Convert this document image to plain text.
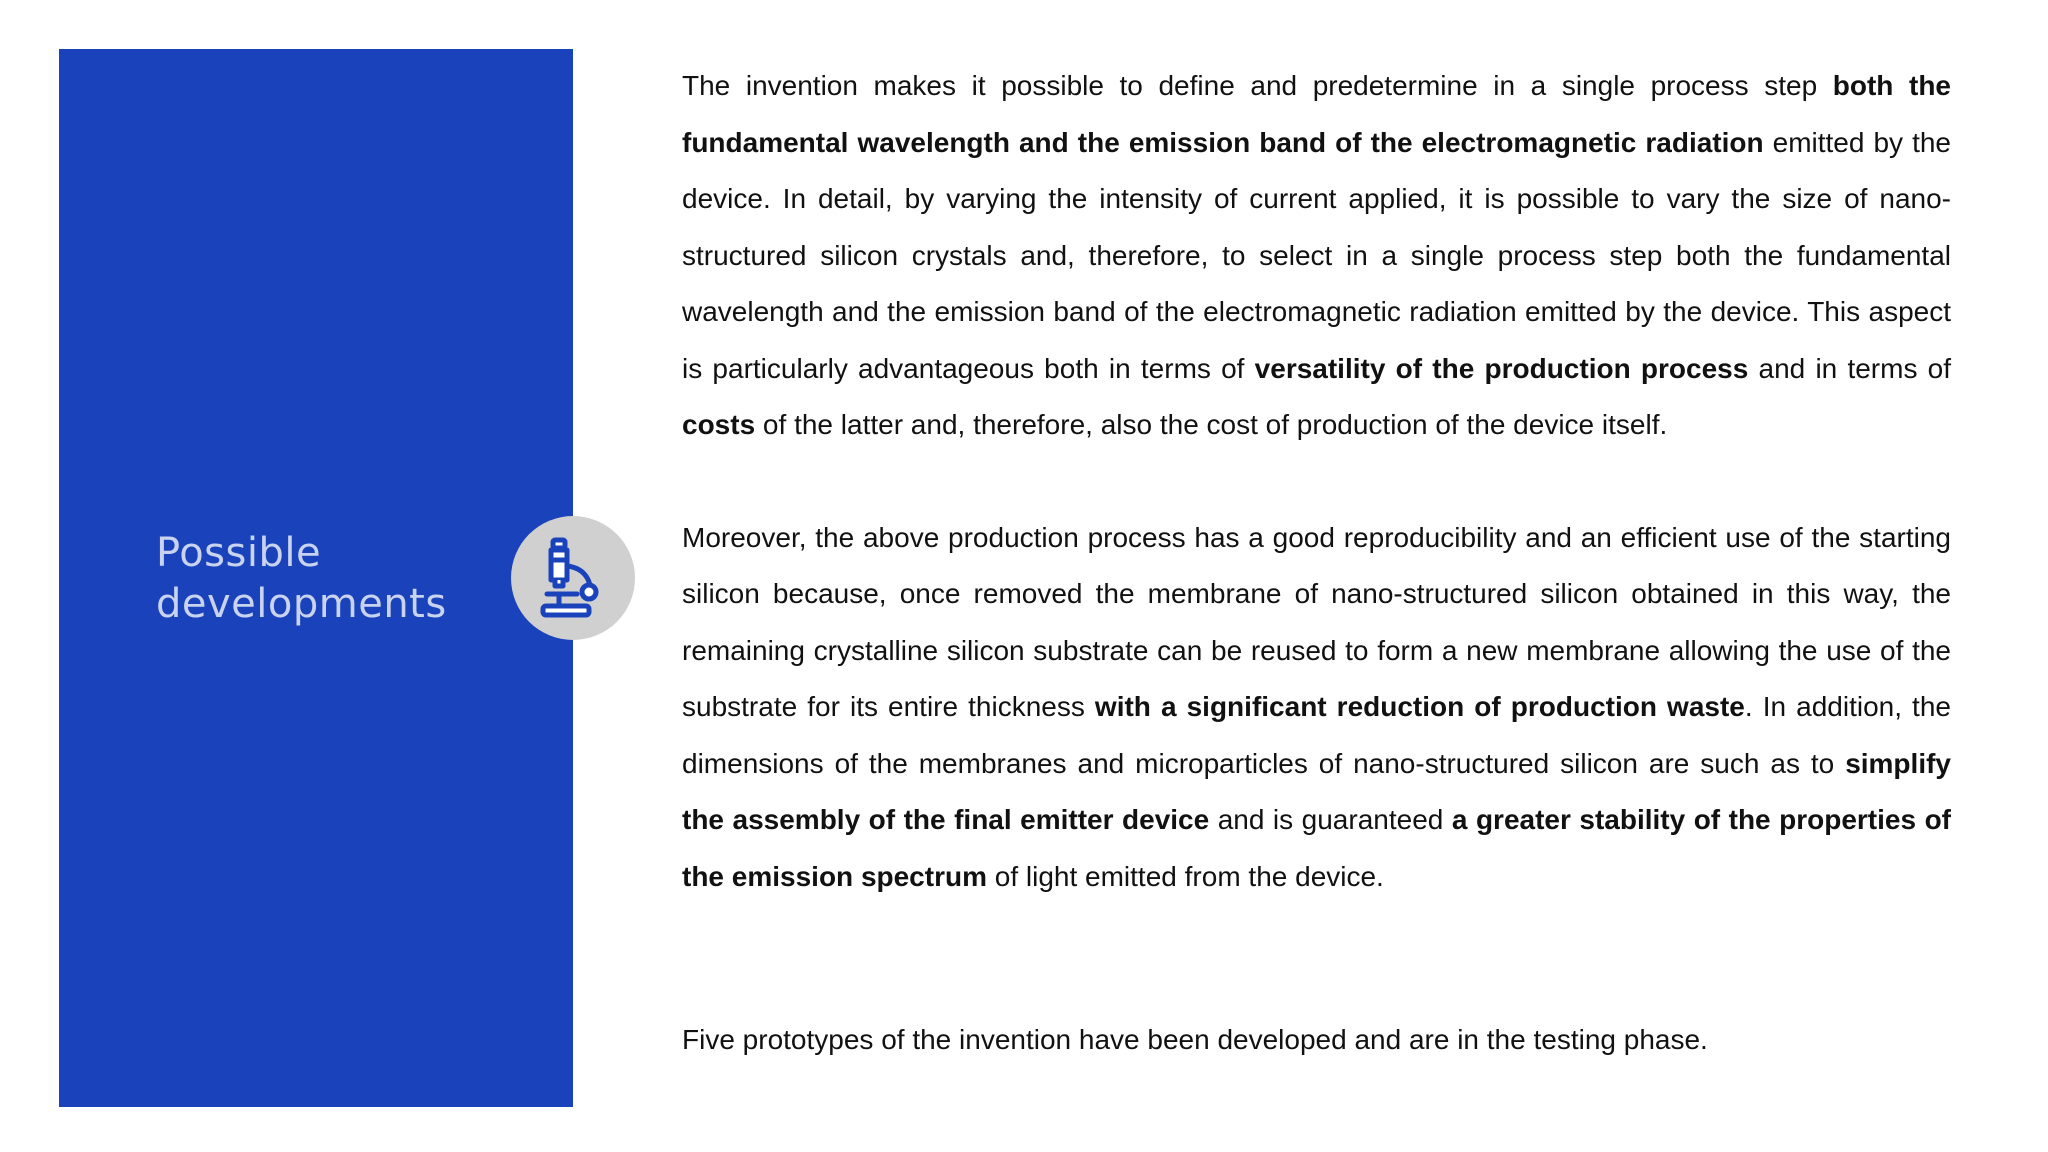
Possible
developments

The invention makes it possible to define and predetermine in a single process step both the fundamental wavelength and the emission band of the electromagnetic radiation emitted by the device. In detail, by varying the intensity of current applied, it is possible to vary the size of nano-structured silicon crystals and, therefore, to select in a single process step both the fundamental wavelength and the emission band of the electromagnetic radiation emitted by the device. This aspect is particularly advantageous both in terms of versatility of the production process and in terms of costs of the latter and, therefore, also the cost of production of the device itself.

Moreover, the above production process has a good reproducibility and an efficient use of the starting silicon because, once removed the membrane of nano-structured silicon obtained in this way, the remaining crystalline silicon substrate can be reused to form a new membrane allowing the use of the substrate for its entire thickness with a significant reduction of production waste. In addition, the dimensions of the membranes and microparticles of nano-structured silicon are such as to simplify the assembly of the final emitter device and is guaranteed a greater stability of the properties of the emission spectrum of light emitted from the device.

Five prototypes of the invention have been developed and are in the testing phase.
